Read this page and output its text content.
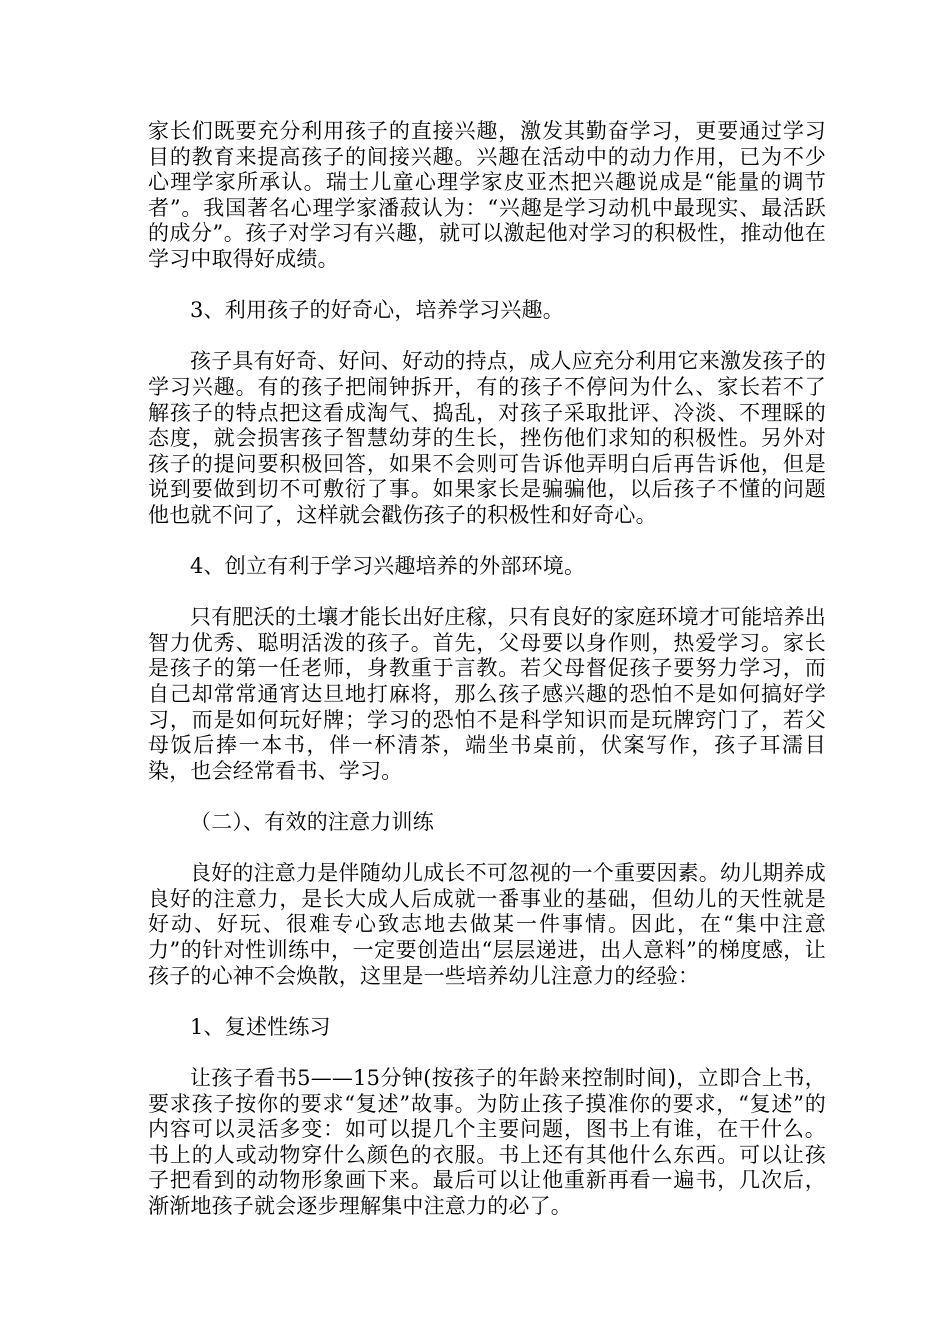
家长们既要充分利用孩子的直接兴趣，激发其勤奋学习，更要通过学习目的教育来提高孩子的间接兴趣。兴趣在活动中的动力作用，已为不少心理学家所承认。瑞士儿童心理学家皮亚杰把兴趣说成是“能量的调节者”。我国著名心理学家潘菽认为：“兴趣是学习动机中最现实、最活跃的成分”。孩子对学习有兴趣，就可以激起他对学习的积极性，推动他在学习中取得好成绩。

3、利用孩子的好奇心，培养学习兴趣。

孩子具有好奇、好问、好动的持点，成人应充分利用它来激发孩子的学习兴趣。有的孩子把闹钟拆开，有的孩子不停问为什么、家长若不了解孩子的特点把这看成淘气、捣乱，对孩子采取批评、冷淡、不理睬的态度，就会损害孩子智慧幼芽的生长，挫伤他们求知的积极性。另外对孩子的提问要积极回答，如果不会则可告诉他弄明白后再告诉他，但是说到要做到切不可敷衍了事。如果家长是骗骗他，以后孩子不懂的问题他也就不问了，这样就会戳伤孩子的积极性和好奇心。

4、创立有利于学习兴趣培养的外部环境。

只有肥沃的土壤才能长出好庄稼，只有良好的家庭环境才可能培养出智力优秀、聪明活泼的孩子。首先，父母要以身作则，热爱学习。家长是孩子的第一任老师，身教重于言教。若父母督促孩子要努力学习，而自己却常常通宵达旦地打麻将，那么孩子感兴趣的恐怕不是如何搞好学习，而是如何玩好牌；学习的恐怕不是科学知识而是玩牌窍门了，若父母饭后捧一本书，伴一杯清茶，端坐书桌前，伏案写作，孩子耳濡目染，也会经常看书、学习。

（二）、有效的注意力训练

良好的注意力是伴随幼儿成长不可忽视的一个重要因素。幼儿期养成良好的注意力，是长大成人后成就一番事业的基础，但幼儿的天性就是好动、好玩、很难专心致志地去做某一件事情。因此，在“集中注意力”的针对性训练中，一定要创造出“层层递进，出人意料”的梯度感，让孩子的心神不会焕散，这里是一些培养幼儿注意力的经验：

1、复述性练习

让孩子看书5——15分钟(按孩子的年龄来控制时间)，立即合上书，要求孩子按你的要求“复述”故事。为防止孩子摸准你的要求，“复述”的内容可以灵活多变：如可以提几个主要问题，图书上有谁，在干什么。书上的人或动物穿什么颜色的衣服。书上还有其他什么东西。可以让孩子把看到的动物形象画下来。最后可以让他重新再看一遍书，几次后，渐渐地孩子就会逐步理解集中注意力的必了。
